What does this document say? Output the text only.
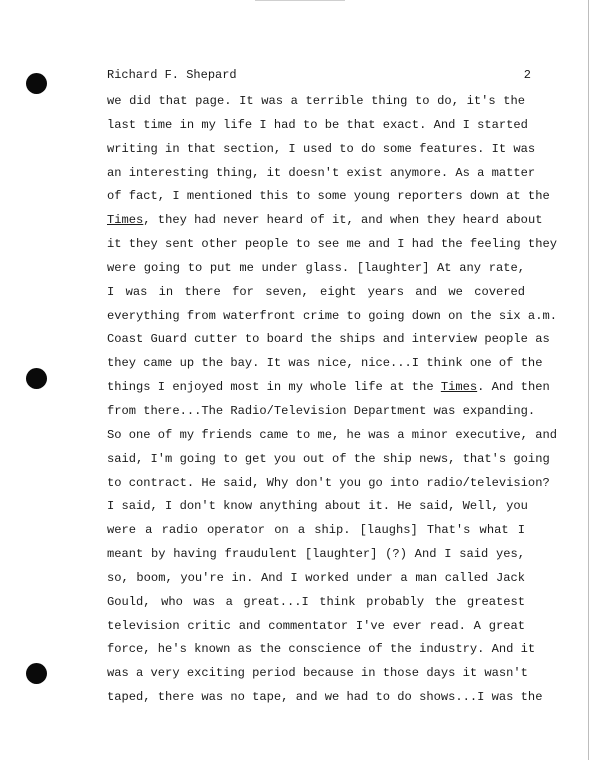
Richard F. Shepard	2
we did that page. It was a terrible thing to do, it's the
last time in my life I had to be that exact. And I started
writing in that section, I used to do some features. It was
an interesting thing, it doesn't exist anymore. As a matter
of fact, I mentioned this to some young reporters down at the
Times, they had never heard of it, and when they heard about
it they sent other people to see me and I had the feeling they
were going to put me under glass. [laughter] At any rate,
I was in there for seven, eight years and we covered
everything from waterfront crime to going down on the six a.m.
Coast Guard cutter to board the ships and interview people as
they came up the bay. It was nice, nice...I think one of the
things I enjoyed most in my whole life at the Times. And then
from there...The Radio/Television Department was expanding.
So one of my friends came to me, he was a minor executive, and
said, I'm going to get you out of the ship news, that's going
to contract. He said, Why don't you go into radio/television?
I said, I don't know anything about it. He said, Well, you
were a radio operator on a ship. [laughs] That's what I
meant by having fraudulent [laughter] (?) And I said yes,
so, boom, you're in. And I worked under a man called Jack
Gould, who was a great...I think probably the greatest
television critic and commentator I've ever read. A great
force, he's known as the conscience of the industry. And it
was a very exciting period because in those days it wasn't
taped, there was no tape, and we had to do shows...I was the
